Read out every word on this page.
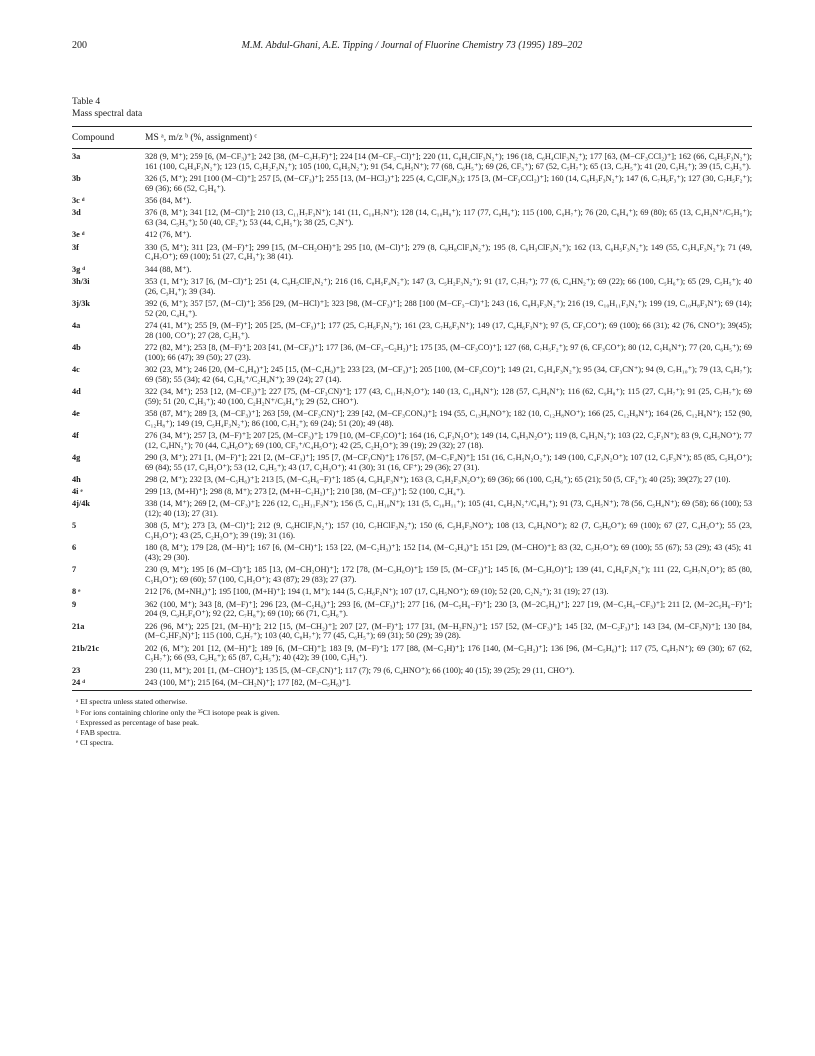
200	M.M. Abdul-Ghani, A.E. Tipping / Journal of Fluorine Chemistry 73 (1995) 189–202
Table 4
Mass spectral data
Compound	MS ᵃ, m/z ᵇ (%, assignment) ᶜ
3a	328 (9, M⁺); 259 [6, (M−CF₃)⁺]; 242 [38, (M−C₃H₇F)⁺]; 224 [14 (M−CF₃−Cl)⁺]; 220 (11, C₈H₄ClF₃N₂⁺); 196 (18, C₆H₄ClF₃N₂⁺); 177 [63, (M−CF₃CCl₂)⁺]; 162 (66, C₆H₅F₃N₂⁺); 161 (100, C₆H₄F₃N₂⁺); 123 (15, C₅H₂F₃N₂⁺); 105 (100, C₆H₅N₂⁺); 91 (54, C₆H₅N⁺); 77 (68, C₆H₅⁺); 69 (26, CF₃⁺); 67 (52, C₅H₇⁺); 65 (13, C₅H₅⁺); 41 (20, C₃H₅⁺); 39 (15, C₃H₃⁺).
3b	326 (5, M⁺); 291 [100 (M−Cl)⁺]; 257 [5, (M−CF₃)⁺]; 255 [13, (M−HCl₂)⁺]; 225 (4, C₄ClF₆N₂); 175 [3, (M−CF₃CCl₂)⁺]; 160 (14, C₆H₃F₃N₂⁺); 147 (6, C₇H₆F₃⁺); 127 (30, C₇H₅F₂⁺); 69 (36); 66 (52, C₅H₆⁺).
3c ᵈ	356 (84, M⁺).
3d	376 (8, M⁺); 341 [12, (M−Cl)⁺]; 210 (13, C₁₁H₇F₃N⁺); 141 (11, C₁₀H₇N⁺); 128 (14, C₁₀H₈⁺); 117 (77, C₉H₉⁺); 115 (100, C₉H₇⁺); 76 (20, C₆H₄⁺); 69 (80); 65 (13, C₄H₃N⁺/C₅H₅⁺); 63 (34, C₅H₃⁺); 50 (40, CF₂⁺); 53 (44, C₄H₅⁺); 38 (25, C₂N⁺).
3e ᵈ	412 (76, M⁺).
3f	330 (5, M⁺); 311 [23, (M−F)⁺]; 299 [15, (M−CH₂OH)⁺]; 295 [10, (M−Cl)⁺]; 279 (8, C₈H₈ClF₄N₂⁺); 195 (8, C₆H₃ClF₃N₂⁺); 162 (13, C₆H₅F₃N₂⁺); 149 (55, C₅H₄F₃N₂⁺); 71 (49, C₄H₇O⁺); 69 (100); 51 (27, C₄H₃⁺); 38 (41).
3g ᵈ	344 (88, M⁺).
3h/3i	353 (1, M⁺); 317 [6, (M−Cl)⁺]; 251 (4, C₈H₅ClF₄N₂⁺); 216 (16, C₈H₅F₄N₂⁺); 147 (3, C₅H₂F₃N₂⁺); 91 (17, C₇H₇⁺); 77 (6, C₄HN₂⁺); 69 (22); 66 (100, C₅H₆⁺); 65 (29, C₅H₅⁺); 40 (26, C₃H₄⁺); 39 (34).
3j/3k	392 (6, M⁺); 357 [57, (M−Cl)⁺]; 356 [29, (M−HCl)⁺]; 323 [98, (M−CF₃)⁺]; 288 [100 (M−CF₃−Cl)⁺]; 243 (16, C₈H₃F₃N₂⁺); 216 (19, C₁₀H₁₁F₃N₂⁺); 199 (19, C₁₀H₈F₃N⁺); 69 (14); 52 (20, C₄H₄⁺).
4a	274 (41, M⁺); 255 [9, (M−F)⁺]; 205 [25, (M−CF₃)⁺]; 177 (25, C₇H₆F₃N₂⁺); 161 (23, C₇H₆F₃N⁺); 149 (17, C₆H₆F₃N⁺); 97 (5, CF₃CO⁺); 69 (100); 66 (31); 42 (76, CNO⁺); 39(45); 28 (100, CO⁺); 27 (28, C₂H₃⁺).
4b	272 (82, M⁺); 253 [8, (M−F)⁺]; 203 [41, (M−CF₃)⁺]; 177 [36, (M−CF₃−C₂H₂)⁺]; 175 [35, (M−CF₃CO)⁺]; 127 (68, C₇H₅F₂⁺); 97 (6, CF₃CO⁺); 80 (12, C₅H₆N⁺); 77 (20, C₆H₅⁺); 69 (100); 66 (47); 39 (50); 27 (23).
4c	302 (23, M⁺); 246 [20, (M−C₄H₈)⁺]; 245 [15, (M−C₄H₉)⁺]; 233 [23, (M−CF₃)⁺]; 205 [100, (M−CF₃CO)⁺]; 149 (21, C₅H₄F₃N₂⁺); 95 (34, CF₃CN⁺); 94 (9, C₇H₁₀⁺); 79 (13, C₆H₇⁺); 69 (58); 55 (34); 42 (64, C₃H₆⁺/C₂H₄N⁺); 39 (24); 27 (14).
4d	322 (34, M⁺); 253 [12, (M−CF₃)⁺]; 227 [75, (M−CF₃CN)⁺]; 177 (43, C₁₁H₇N₂O⁺); 140 (13, C₁₀H₈N⁺); 128 (57, C₉H₆N⁺); 116 (62, C₉H₈⁺); 115 (27, C₉H₇⁺); 91 (25, C₇H₇⁺); 69 (59); 51 (20, C₄H₃⁺); 40 (100, C₂H₂N⁺/C₃H₄⁺); 29 (52, CHO⁺).
4e	358 (87, M⁺); 289 [3, (M−CF₃)⁺]; 263 [59, (M−CF₃CN)⁺]; 239 [42, (M−CF₃CONₐ)⁺]; 194 (55, C₁₃H₈NO⁺); 182 (10, C₁₂H₈NO⁺); 166 (25, C₁₂H₈N⁺); 164 (26, C₁₂H₆N⁺); 152 (90, C₁₂H₈⁺); 149 (19, C₅H₄F₃N₂⁺); 86 (100, C₇H₂⁺); 69 (24); 51 (20); 49 (48).
4f	276 (34, M⁺); 257 [3, (M−F)⁺]; 207 [25, (M−CF₃)⁺]; 179 [10, (M−CF₃CO)⁺]; 164 (16, C₄F₃N₂O⁺); 149 (14, C₆H₃N₂O⁺); 119 (8, C₆H₃N₂⁺); 103 (22, C₂F₃N⁺); 83 (9, C₄H₅NO⁺); 77 (12, C₄HN₂⁺); 70 (44, C₄H₆O⁺); 69 (100, CF₃⁺/C₄H₅O⁺); 42 (25, C₂H₂O⁺); 39 (19); 29 (32); 27 (18).
4g	290 (3, M⁺); 271 [1, (M−F)⁺]; 221 [2, (M−CF₃)⁺]; 195 [7, (M−CF₃CN)⁺]; 176 [57, (M−C₇F₄N)⁺]; 151 (16, C₇H₅N₂O₂⁺); 149 (100, C₄F₃N₂O⁺); 107 (12, C₅F₃N⁺); 85 (85, C₅H₉O⁺); 69 (84); 55 (17, C₃H₃O⁺); 53 (12, C₄H₅⁺); 43 (17, C₂H₃O⁺); 41 (30); 31 (16, CF⁺); 29 (36); 27 (31).
4h	298 (2, M⁺); 232 [3, (M−C₅H₆)⁺]; 213 [5, (M−C₅H₆−F)⁺]; 185 (4, C₉H₆F₃N⁺); 163 (3, C₅H₂F₃N₂O⁺); 69 (36); 66 (100, C₅H₆⁺); 65 (21); 50 (5, CF₂⁺); 40 (25); 39(27); 27 (10).
4i ᵉ	299 [13, (M+H)⁺]; 298 (8, M⁺); 273 [2, (M+H−C₂H₂)⁺]; 210 [38, (M−CF₃)⁺]; 52 (100, C₄H₄⁺).
4j/4k	338 (14, M⁺); 269 [2, (M−CF₃)⁺]; 226 (12, C₁₂H₁₁F₃N⁺); 156 (5, C₁₁H₁₀N⁺); 131 (5, C₁₀H₁₁⁺); 105 (41, C₆H₅N₂⁺/C₈H₉⁺); 91 (73, C₆H₅N⁺); 78 (56, C₅H₄N⁺); 69 (58); 66 (100); 53 (12); 40 (13); 27 (31).
5	308 (5, M⁺); 273 [3, (M−Cl)⁺]; 212 (9, C₆HClF₃N₂⁺); 157 (10, C₇HClF₃N₂⁺); 150 (6, C₅H₃F₃NO⁺); 108 (13, C₆H₆NO⁺); 82 (7, C₅H₆O⁺); 69 (100); 67 (27, C₄H₃O⁺); 55 (23, C₃H₃O⁺); 43 (25, C₂H₃O⁺); 39 (19); 31 (16).
6	180 (8, M⁺); 179 [28, (M−H)⁺]; 167 [6, (M−CH)⁺]; 153 [22, (M−C₂H₃)⁺]; 152 [14, (M−C₂H₄)⁺]; 151 [29, (M−CHO)⁺]; 83 (32, C₅H₇O⁺); 69 (100); 55 (67); 53 (29); 43 (45); 41 (43); 29 (30).
7	230 (9, M⁺); 195 [6 (M−Cl)⁺]; 185 [13, (M−CH₂OH)⁺]; 172 [78, (M−C₃H₆O)⁺]; 159 [5, (M−CF₃)⁺]; 145 [6, (M−C₅H₉O)⁺]; 139 (41, C₄H₆F₃N₂⁺); 111 (22, C₅H₇N₂O⁺); 85 (80, C₅H₉O⁺); 69 (60); 57 (100, C₃H₅O⁺); 43 (87); 29 (83); 27 (37).
8 ᵉ	212 [76, (M+NH₄)⁺]; 195 [100, (M+H)⁺]; 194 (1, M⁺); 144 (5, C₇H₆F₂N⁺); 107 (17, C₆H₅NO⁺); 69 (10); 52 (20, C₂N₂⁺); 31 (19); 27 (13).
9	362 (100, M⁺); 343 [8, (M−F)⁺]; 296 [23, (M−C₅H₆)⁺]; 293 [6, (M−CF₃)⁺]; 277 [16, (M−C₅H₆−F)⁺]; 230 [3, (M−2C₅H₆)⁺]; 227 [19, (M−C₅H₆−CF₃)⁺]; 211 [2, (M−2C₅H₆−F)⁺]; 204 (9, C₉H₅F₆O⁺); 92 (22, C₇H₈⁺); 69 (10); 66 (71, C₅H₆⁺).
21a	226 (96, M⁺); 225 [21, (M−H)⁺]; 212 [15, (M−CH₂)⁺]; 207 [27, (M−F)⁺]; 177 [31, (M−H₂FN₂)⁺]; 157 [52, (M−CF₃)⁺]; 145 [32, (M−C₂F₃)⁺]; 143 [34, (M−CF₃N)⁺]; 130 [84, (M−C₂HF₃N)⁺]; 115 (100, C₉H₇⁺); 103 (40, C₈H₇⁺); 77 (45, C₆H₅⁺); 69 (31); 50 (29); 39 (28).
21b/21c	202 (6, M⁺); 201 [12, (M−H)⁺]; 189 [6, (M−CH)⁺]; 183 [9, (M−F)⁺]; 177 [88, (M−C₂H)⁺]; 176 [140, (M−C₂H₂)⁺]; 136 [96, (M−C₅H₆)⁺]; 117 (75, C₈H₇N⁺); 69 (30); 67 (62, C₅H₇⁺); 66 (93, C₅H₆⁺); 65 (87, C₅H₅⁺); 40 (42); 39 (100, C₃H₃⁺).
23	230 (11, M⁺); 201 [1, (M−CHO)⁺]; 135 [5, (M−CF₃CN)⁺]; 117 (7); 79 (6, C₄HNO⁺); 66 (100); 40 (15); 39 (25); 29 (11, CHO⁺).
24 ᵈ	243 (100, M⁺); 215 [64, (M−CH₂N)⁺]; 177 [82, (M−C₅H₆)⁺].
ᵃ EI spectra unless stated otherwise.
ᵇ For ions containing chlorine only the ³⁵Cl isotope peak is given.
ᶜ Expressed as percentage of base peak.
ᵈ FAB spectra.
ᵉ CI spectra.
